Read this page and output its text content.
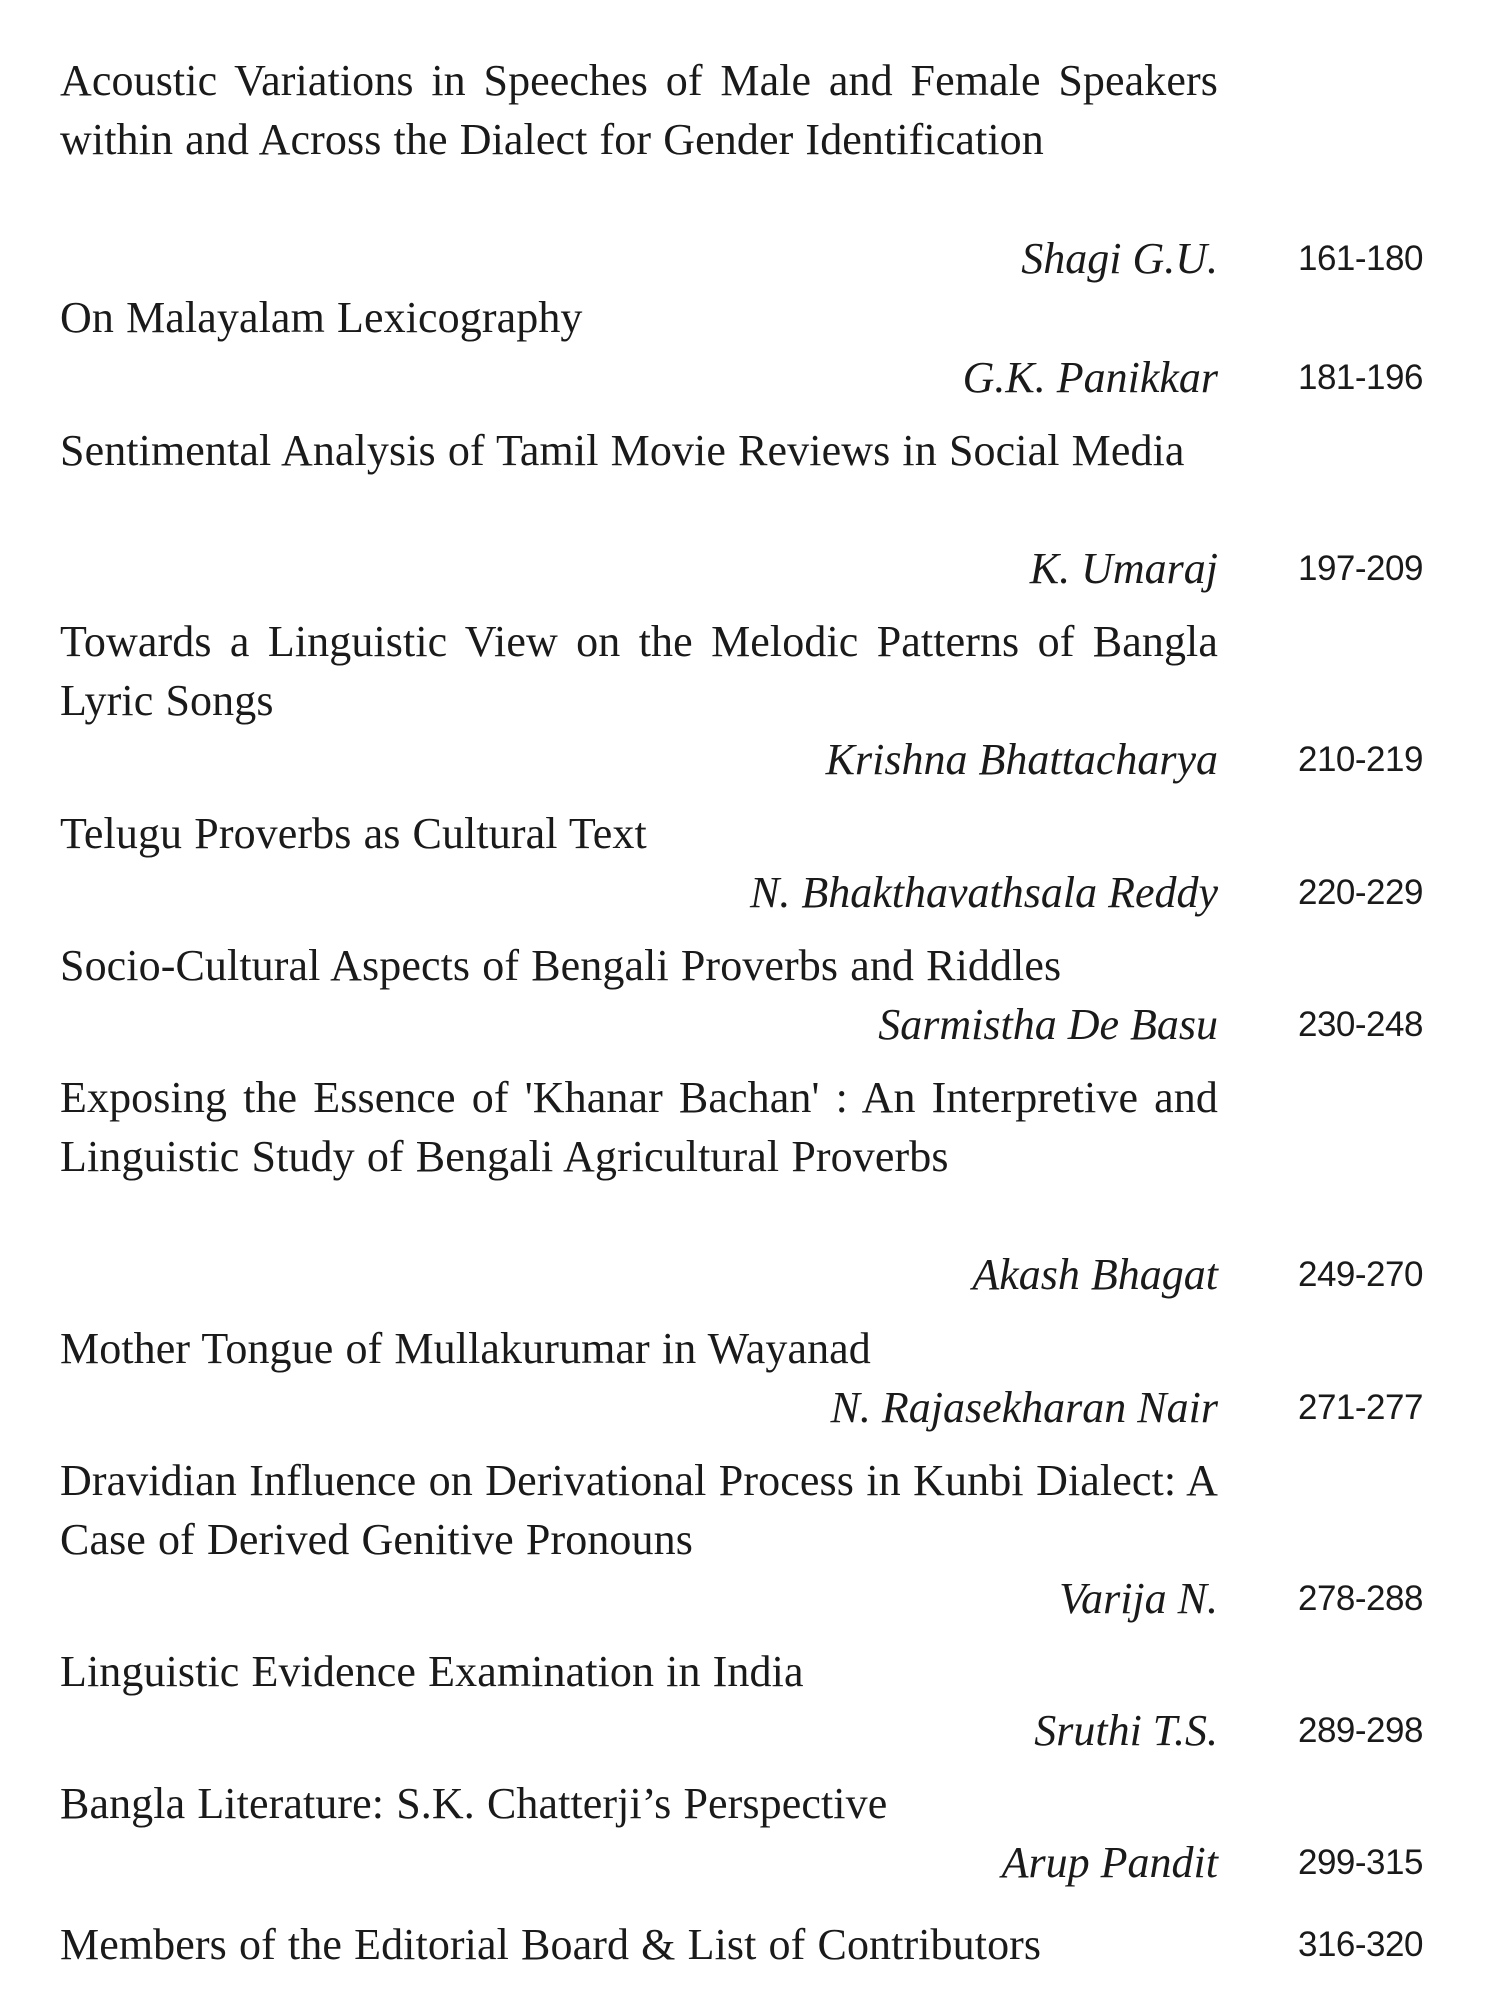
Acoustic Variations in Speeches of Male and Female Speakers within and Across the Dialect for Gender Identification
Shagi G.U. 161-180
On Malayalam Lexicography
G.K. Panikkar 181-196
Sentimental Analysis of Tamil Movie Reviews in Social Media
K. Umaraj 197-209
Towards a Linguistic View on the Melodic Patterns of Bangla Lyric Songs
Krishna Bhattacharya 210-219
Telugu Proverbs as Cultural Text
N. Bhakthavathsala Reddy 220-229
Socio-Cultural Aspects of Bengali Proverbs and Riddles
Sarmistha De Basu 230-248
Exposing the Essence of 'Khanar Bachan' : An Interpretive and Linguistic Study of Bengali Agricultural Proverbs
Akash Bhagat 249-270
Mother Tongue of Mullakurumar in Wayanad
N. Rajasekharan Nair 271-277
Dravidian Influence on Derivational Process in Kunbi Dialect: A Case of Derived Genitive Pronouns
Varija N. 278-288
Linguistic Evidence Examination in India
Sruthi T.S. 289-298
Bangla Literature: S.K. Chatterji’s Perspective
Arup Pandit 299-315
Members of the Editorial Board & List of Contributors	316-320
